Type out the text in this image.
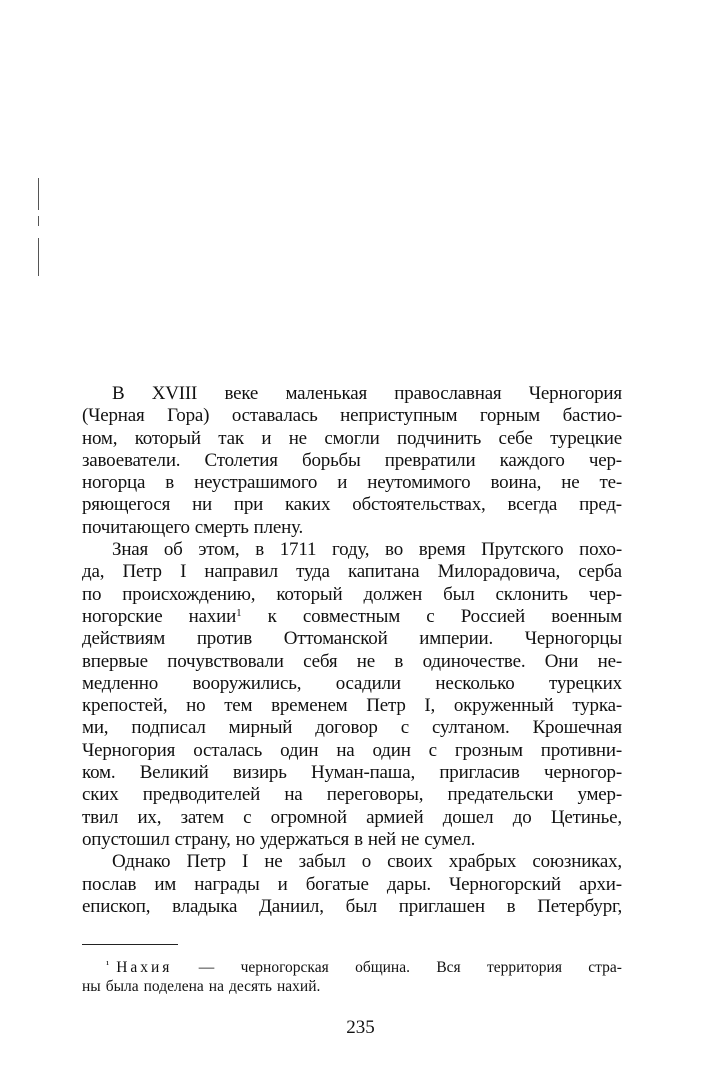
В XVIII веке маленькая православная Черногория
(Черная Гора) оставалась неприступным горным бастио-
ном, который так и не смогли подчинить себе турецкие
завоеватели. Столетия борьбы превратили каждого чер-
ногорца в неустрашимого и неутомимого воина, не те-
ряющегося ни при каких обстоятельствах, всегда пред-
почитающего смерть плену.
Зная об этом, в 1711 году, во время Прутского похо-
да, Петр I направил туда капитана Милорадовича, серба
по происхождению, который должен был склонить чер-
ногорские нахии$^1$ к совместным с Россией военным
действиям против Оттоманской империи. Черногорцы
впервые почувствовали себя не в одиночестве. Они не-
медленно вооружились, осадили несколько турецких
крепостей, но тем временем Петр I, окруженный турка-
ми, подписал мирный договор с султаном. Крошечная
Черногория осталась один на один с грозным противни-
ком. Великий визирь Нуман-паша, пригласив черногор-
ских предводителей на переговоры, предательски умер-
твил их, затем с огромной армией дошел до Цетинье,
опустошил страну, но удержаться в ней не сумел.
Однако Петр I не забыл о своих храбрых союзниках,
послав им награды и богатые дары. Черногорский архи-
епископ, владыка Даниил, был приглашен в Петербург,
$^{^1}$ Нахия — черногорская община. Вся территория стра-
ны была поделена на десять нахий.
235
